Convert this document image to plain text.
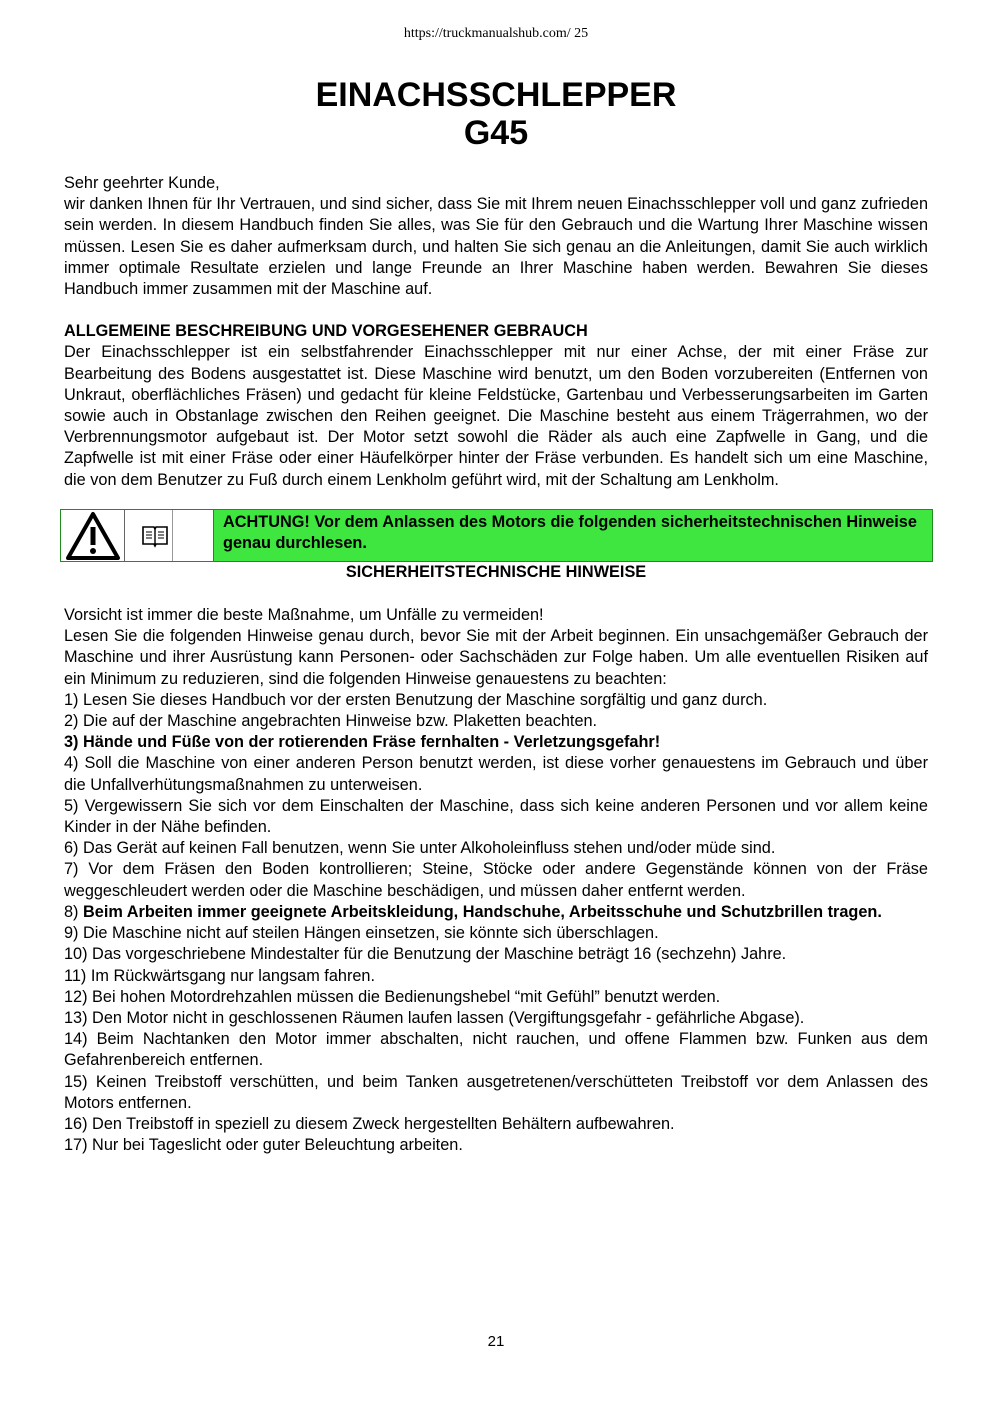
https://truckmanualshub.com/ 25
EINACHSSCHLEPPER
G45

Sehr geehrter Kunde,

wir danken Ihnen für Ihr Vertrauen, und sind sicher, dass Sie mit Ihrem neuen Einachsschlepper voll und ganz zufrieden sein werden. In diesem Handbuch finden Sie alles, was Sie für den Gebrauch und die Wartung Ihrer Maschine wissen müssen. Lesen Sie es daher aufmerksam durch, und halten Sie sich genau an die Anleitungen, damit Sie auch wirklich immer optimale Resultate erzielen und lange Freunde an Ihrer Maschine haben werden. Bewahren Sie dieses Handbuch immer zusammen mit der Maschine auf.

ALLGEMEINE BESCHREIBUNG UND VORGESEHENER GEBRAUCH

Der Einachsschlepper ist ein selbstfahrender Einachsschlepper mit nur einer Achse, der mit einer Fräse zur Bearbeitung des Bodens ausgestattet ist. Diese Maschine wird benutzt, um den Boden vorzubereiten (Entfernen von Unkraut, oberflächliches Fräsen) und gedacht für kleine Feldstücke, Gartenbau und Verbesserungsarbeiten im Garten sowie auch in Obstanlage zwischen den Reihen geeignet. Die Maschine besteht aus einem Trägerrahmen, wo der Verbrennungsmotor aufgebaut ist. Der Motor setzt sowohl die Räder als auch eine Zapfwelle in Gang, und die Zapfwelle ist mit einer Fräse oder einer Häufelkörper hinter der Fräse verbunden. Es handelt sich um eine Maschine, die von dem Benutzer zu Fuß durch einem Lenkholm geführt wird, mit der Schaltung am Lenkholm.

ACHTUNG! Vor dem Anlassen des Motors die folgenden sicherheitstechnischen Hinweise genau durchlesen.

SICHERHEITSTECHNISCHE HINWEISE

Vorsicht ist immer die beste Maßnahme, um Unfälle zu vermeiden!

Lesen Sie die folgenden Hinweise genau durch, bevor Sie mit der Arbeit beginnen. Ein unsachgemäßer Gebrauch der Maschine und ihrer Ausrüstung kann Personen- oder Sachschäden zur Folge haben. Um alle eventuellen Risiken auf ein Minimum zu reduzieren, sind die folgenden Hinweise genauestens zu beachten:

1) Lesen Sie dieses Handbuch vor der ersten Benutzung der Maschine sorgfältig und ganz durch.

2) Die auf der Maschine angebrachten Hinweise bzw. Plaketten beachten.

3) Hände und Füße von der rotierenden Fräse fernhalten - Verletzungsgefahr!

4) Soll die Maschine von einer anderen Person benutzt werden, ist diese vorher genauestens im Gebrauch und über die Unfallverhütungsmaßnahmen zu unterweisen.

5) Vergewissern Sie sich vor dem Einschalten der Maschine, dass sich keine anderen Personen und vor allem keine Kinder in der Nähe befinden.

6) Das Gerät auf keinen Fall benutzen, wenn Sie unter Alkoholeinfluss stehen und/oder müde sind.

7) Vor dem Fräsen den Boden kontrollieren; Steine, Stöcke oder andere Gegenstände können von der Fräse weggeschleudert werden oder die Maschine beschädigen, und müssen daher entfernt werden.

8) Beim Arbeiten immer geeignete Arbeitskleidung, Handschuhe, Arbeitsschuhe und Schutzbrillen tragen.

9) Die Maschine nicht auf steilen Hängen einsetzen, sie könnte sich überschlagen.

10) Das vorgeschriebene Mindestalter für die Benutzung der Maschine beträgt 16 (sechzehn) Jahre.

11) Im Rückwärtsgang nur langsam fahren.

12) Bei hohen Motordrehzahlen müssen die Bedienungshebel “mit Gefühl” benutzt werden.

13) Den Motor nicht in geschlossenen Räumen laufen lassen (Vergiftungsgefahr - gefährliche Abgase).

14) Beim Nachtanken den Motor immer abschalten, nicht rauchen, und offene Flammen bzw. Funken aus dem Gefahrenbereich entfernen.

15) Keinen Treibstoff verschütten, und beim Tanken ausgetretenen/verschütteten Treibstoff vor dem Anlassen des Motors entfernen.

16) Den Treibstoff in speziell zu diesem Zweck hergestellten Behältern aufbewahren.

17) Nur bei Tageslicht oder guter Beleuchtung arbeiten.

21
